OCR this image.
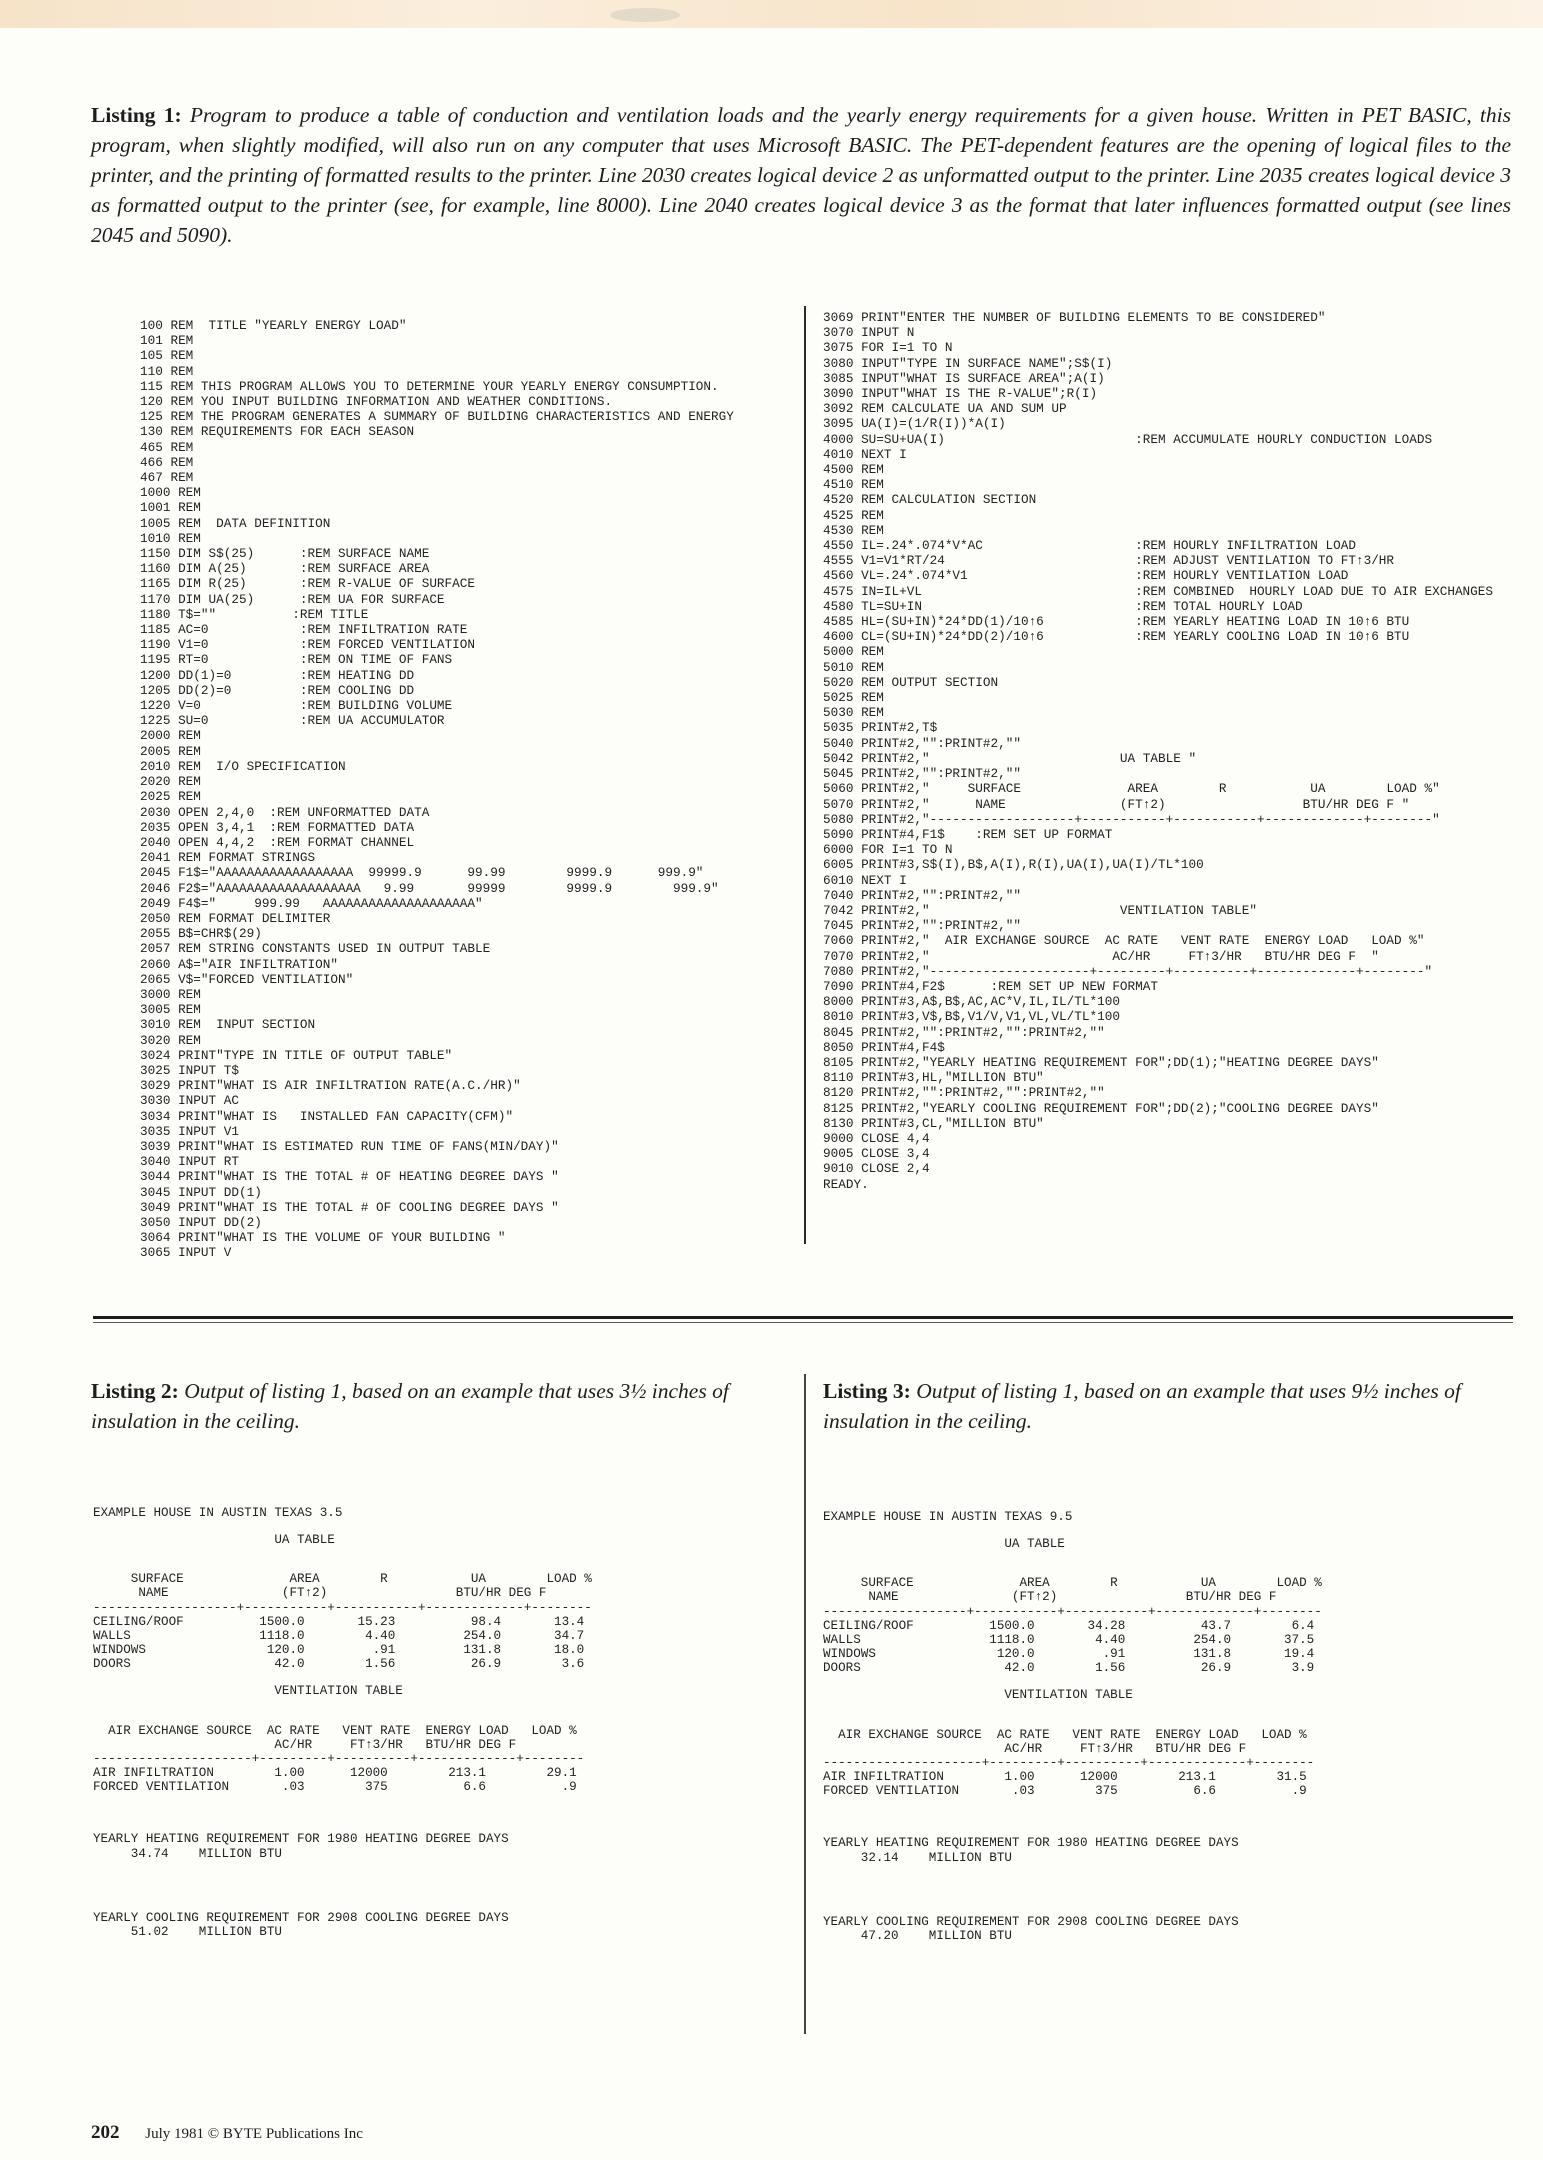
Listing 1: Program to produce a table of conduction and ventilation loads and the yearly energy requirements for a given house. Written in PET BASIC, this program, when slightly modified, will also run on any computer that uses Microsoft BASIC. The PET-dependent features are the opening of logical files to the printer, and the printing of formatted results to the printer. Line 2030 creates logical device 2 as unformatted output to the printer. Line 2035 creates logical device 3 as formatted output to the printer (see, for example, line 8000). Line 2040 creates logical device 3 as the format that later influences formatted output (see lines 2045 and 5090).
100 REM  TITLE "YEARLY ENERGY LOAD"
101 REM
105 REM
110 REM
115 REM THIS PROGRAM ALLOWS YOU TO DETERMINE YOUR YEARLY ENERGY CONSUMPTION.
120 REM YOU INPUT BUILDING INFORMATION AND WEATHER CONDITIONS.
125 REM THE PROGRAM GENERATES A SUMMARY OF BUILDING CHARACTERISTICS AND ENERGY
130 REM REQUIREMENTS FOR EACH SEASON
465 REM
466 REM
467 REM
1000 REM
1001 REM
1005 REM  DATA DEFINITION
1010 REM
1150 DIM S$(25)      :REM SURFACE NAME
1160 DIM A(25)       :REM SURFACE AREA
1165 DIM R(25)       :REM R-VALUE OF SURFACE
1170 DIM UA(25)      :REM UA FOR SURFACE
1180 T$=""          :REM TITLE
1185 AC=0            :REM INFILTRATION RATE
1190 V1=0            :REM FORCED VENTILATION
1195 RT=0            :REM ON TIME OF FANS
1200 DD(1)=0         :REM HEATING DD
1205 DD(2)=0         :REM COOLING DD
1220 V=0             :REM BUILDING VOLUME
1225 SU=0            :REM UA ACCUMULATOR
2000 REM
2005 REM
2010 REM  I/O SPECIFICATION
2020 REM
2025 REM
2030 OPEN 2,4,0  :REM UNFORMATTED DATA
2035 OPEN 3,4,1  :REM FORMATTED DATA
2040 OPEN 4,4,2  :REM FORMAT CHANNEL
2041 REM FORMAT STRINGS
2045 F1$="AAAAAAAAAAAAAAAAAA  99999.9      99.99        9999.9      999.9"
2046 F2$="AAAAAAAAAAAAAAAAAAA   9.99       99999        9999.9        999.9"
2049 F4$="     999.99   AAAAAAAAAAAAAAAAAAAA"
2050 REM FORMAT DELIMITER
2055 B$=CHR$(29)
2057 REM STRING CONSTANTS USED IN OUTPUT TABLE
2060 A$="AIR INFILTRATION"
2065 V$="FORCED VENTILATION"
3000 REM
3005 REM
3010 REM  INPUT SECTION
3020 REM
3024 PRINT"TYPE IN TITLE OF OUTPUT TABLE"
3025 INPUT T$
3029 PRINT"WHAT IS AIR INFILTRATION RATE(A.C./HR)"
3030 INPUT AC
3034 PRINT"WHAT IS   INSTALLED FAN CAPACITY(CFM)"
3035 INPUT V1
3039 PRINT"WHAT IS ESTIMATED RUN TIME OF FANS(MIN/DAY)"
3040 INPUT RT
3044 PRINT"WHAT IS THE TOTAL # OF HEATING DEGREE DAYS "
3045 INPUT DD(1)
3049 PRINT"WHAT IS THE TOTAL # OF COOLING DEGREE DAYS "
3050 INPUT DD(2)
3064 PRINT"WHAT IS THE VOLUME OF YOUR BUILDING "
3065 INPUT V
3069 PRINT"ENTER THE NUMBER OF BUILDING ELEMENTS TO BE CONSIDERED"
3070 INPUT N
3075 FOR I=1 TO N
3080 INPUT"TYPE IN SURFACE NAME";S$(I)
3085 INPUT"WHAT IS SURFACE AREA";A(I)
3090 INPUT"WHAT IS THE R-VALUE";R(I)
3092 REM CALCULATE UA AND SUM UP
3095 UA(I)=(1/R(I))*A(I)
4000 SU=SU+UA(I)                         :REM ACCUMULATE HOURLY CONDUCTION LOADS
4010 NEXT I
4500 REM
4510 REM
4520 REM CALCULATION SECTION
4525 REM
4530 REM
4550 IL=.24*.074*V*AC                    :REM HOURLY INFILTRATION LOAD
4555 V1=V1*RT/24                         :REM ADJUST VENTILATION TO FT↑3/HR
4560 VL=.24*.074*V1                      :REM HOURLY VENTILATION LOAD
4575 IN=IL+VL                            :REM COMBINED  HOURLY LOAD DUE TO AIR EXCHANGES
4580 TL=SU+IN                            :REM TOTAL HOURLY LOAD
4585 HL=(SU+IN)*24*DD(1)/10↑6            :REM YEARLY HEATING LOAD IN 10↑6 BTU
4600 CL=(SU+IN)*24*DD(2)/10↑6            :REM YEARLY COOLING LOAD IN 10↑6 BTU
5000 REM
5010 REM
5020 REM OUTPUT SECTION
5025 REM
5030 REM
5035 PRINT#2,T$
5040 PRINT#2,"":PRINT#2,""
5042 PRINT#2,"                         UA TABLE "
5045 PRINT#2,"":PRINT#2,""
5060 PRINT#2,"     SURFACE              AREA        R           UA        LOAD %"
5070 PRINT#2,"      NAME               (FT↑2)                  BTU/HR DEG F "
5080 PRINT#2,"-------------------+-----------+-----------+-------------+--------"
5090 PRINT#4,F1$    :REM SET UP FORMAT
6000 FOR I=1 TO N
6005 PRINT#3,S$(I),B$,A(I),R(I),UA(I),UA(I)/TL*100
6010 NEXT I
7040 PRINT#2,"":PRINT#2,""
7042 PRINT#2,"                         VENTILATION TABLE"
7045 PRINT#2,"":PRINT#2,""
7060 PRINT#2,"  AIR EXCHANGE SOURCE  AC RATE   VENT RATE  ENERGY LOAD   LOAD %"
7070 PRINT#2,"                        AC/HR     FT↑3/HR   BTU/HR DEG F  "
7080 PRINT#2,"---------------------+---------+----------+-------------+--------"
7090 PRINT#4,F2$      :REM SET UP NEW FORMAT
8000 PRINT#3,A$,B$,AC,AC*V,IL,IL/TL*100
8010 PRINT#3,V$,B$,V1/V,V1,VL,VL/TL*100
8045 PRINT#2,"":PRINT#2,"":PRINT#2,""
8050 PRINT#4,F4$
8105 PRINT#2,"YEARLY HEATING REQUIREMENT FOR";DD(1);"HEATING DEGREE DAYS"
8110 PRINT#3,HL,"MILLION BTU"
8120 PRINT#2,"":PRINT#2,"":PRINT#2,""
8125 PRINT#2,"YEARLY COOLING REQUIREMENT FOR";DD(2);"COOLING DEGREE DAYS"
8130 PRINT#3,CL,"MILLION BTU"
9000 CLOSE 4,4
9005 CLOSE 3,4
9010 CLOSE 2,4
READY.
Listing 2: Output of listing 1, based on an example that uses 3½ inches of insulation in the ceiling.
EXAMPLE HOUSE IN AUSTIN TEXAS 3.5
UA TABLE
SURFACE              AREA        R           UA        LOAD %
NAME               (FT↑2)                 BTU/HR DEG F
-------------------+-----------+-----------+-------------+--------
CEILING/ROOF          1500.0       15.23          98.4       13.4
WALLS                 1118.0        4.40         254.0       34.7
WINDOWS                120.0         .91         131.8       18.0
DOORS                   42.0        1.56          26.9        3.6
VENTILATION TABLE
AIR EXCHANGE SOURCE  AC RATE   VENT RATE  ENERGY LOAD   LOAD %
AC/HR     FT↑3/HR   BTU/HR DEG F
---------------------+---------+----------+-------------+--------
AIR INFILTRATION        1.00      12000        213.1        29.1
FORCED VENTILATION       .03        375          6.6          .9
YEARLY HEATING REQUIREMENT FOR 1980 HEATING DEGREE DAYS
34.74    MILLION BTU
YEARLY COOLING REQUIREMENT FOR 2908 COOLING DEGREE DAYS
51.02    MILLION BTU
Listing 3: Output of listing 1, based on an example that uses 9½ inches of insulation in the ceiling.
EXAMPLE HOUSE IN AUSTIN TEXAS 9.5
UA TABLE
SURFACE              AREA        R           UA        LOAD %
NAME               (FT↑2)                 BTU/HR DEG F
-------------------+-----------+-----------+-------------+--------
CEILING/ROOF          1500.0       34.28          43.7        6.4
WALLS                 1118.0        4.40         254.0       37.5
WINDOWS                120.0         .91         131.8       19.4
DOORS                   42.0        1.56          26.9        3.9
VENTILATION TABLE
AIR EXCHANGE SOURCE  AC RATE   VENT RATE  ENERGY LOAD   LOAD %
AC/HR     FT↑3/HR   BTU/HR DEG F
---------------------+---------+----------+-------------+--------
AIR INFILTRATION        1.00      12000        213.1        31.5
FORCED VENTILATION       .03        375          6.6          .9
YEARLY HEATING REQUIREMENT FOR 1980 HEATING DEGREE DAYS
32.14    MILLION BTU
YEARLY COOLING REQUIREMENT FOR 2908 COOLING DEGREE DAYS
47.20    MILLION BTU
202 July 1981 © BYTE Publications Inc
